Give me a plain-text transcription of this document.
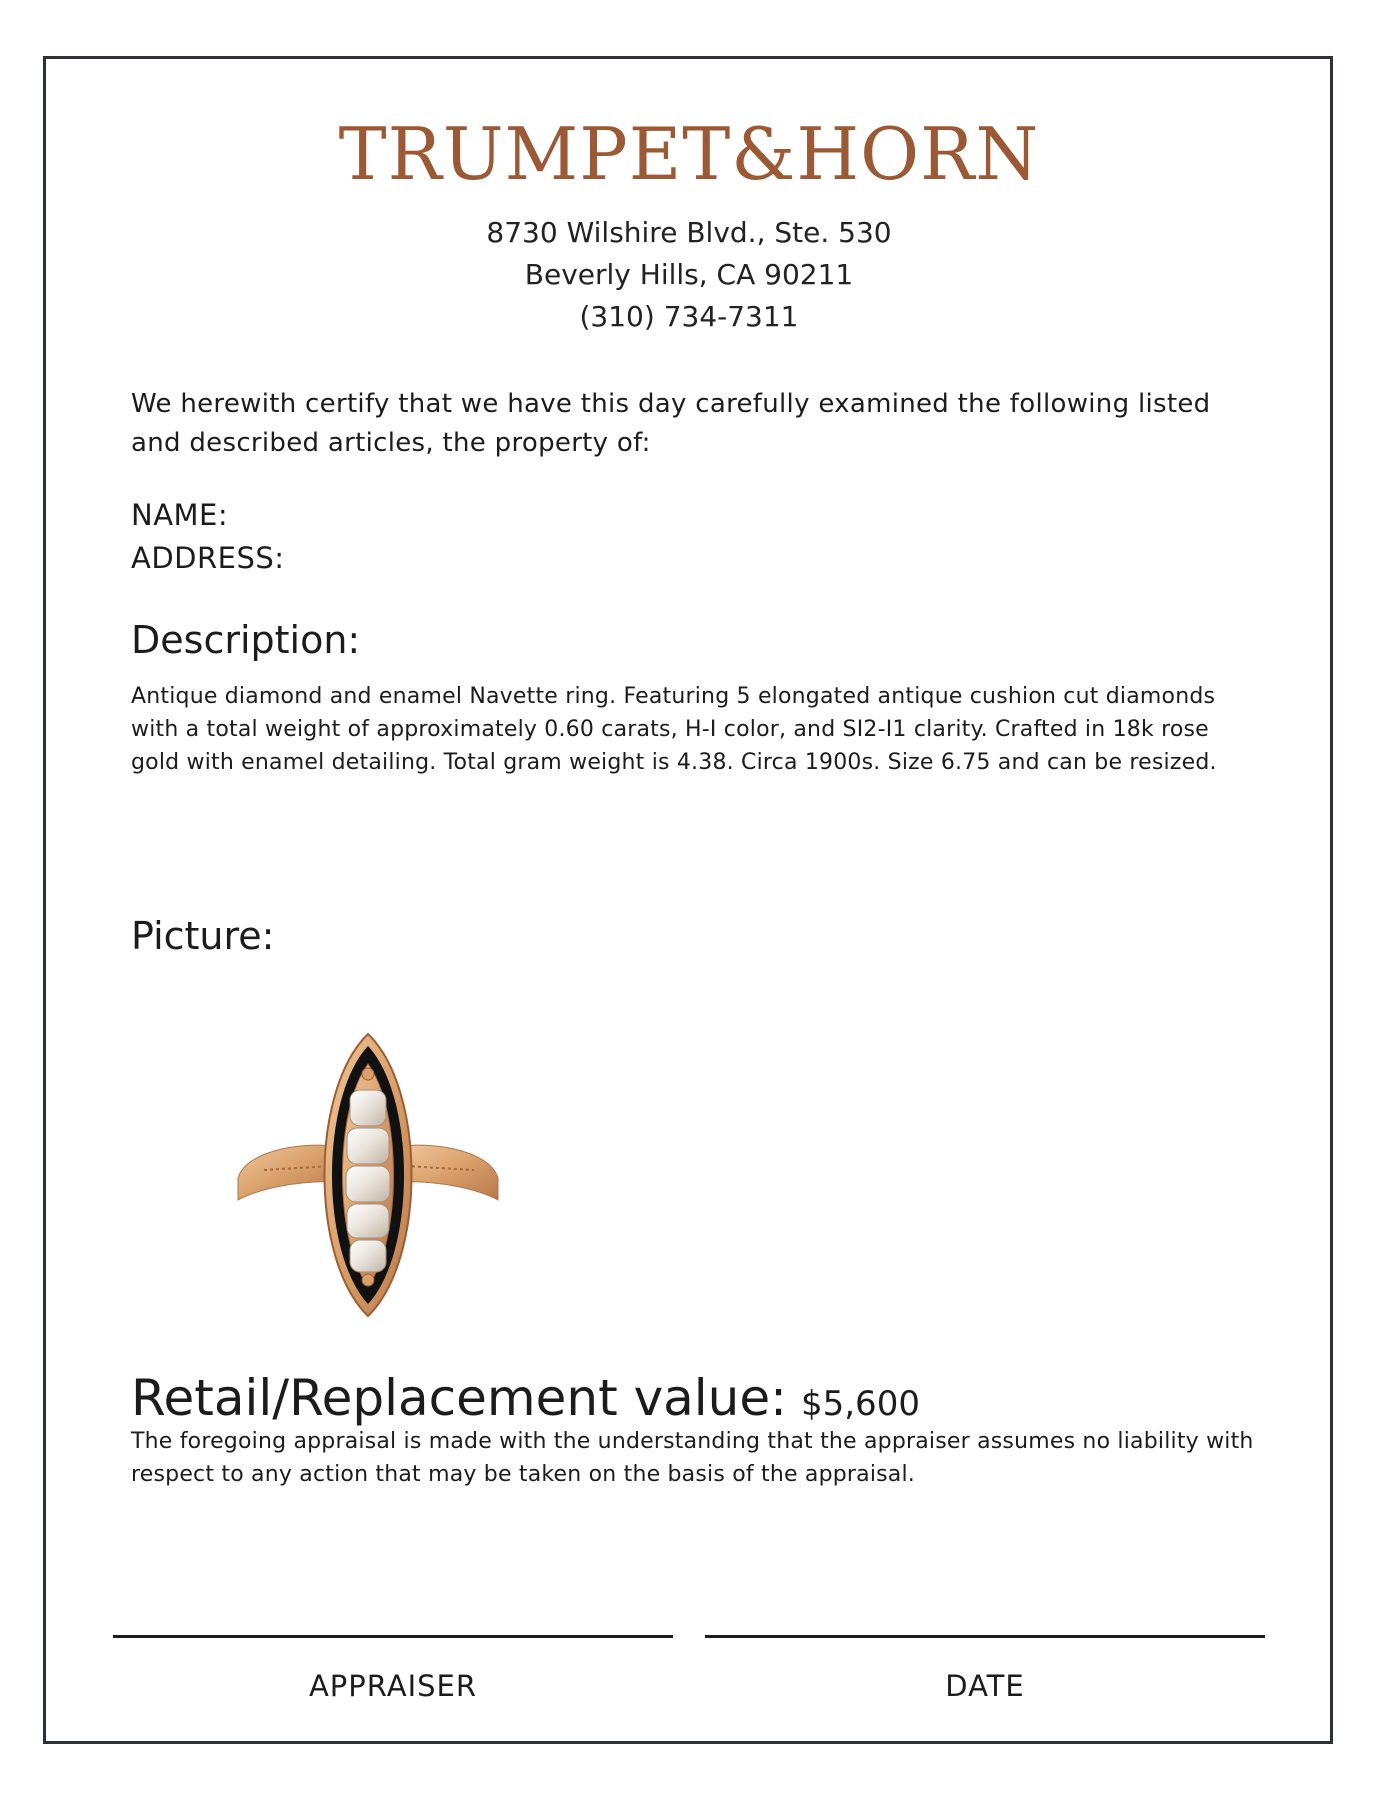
TRUMPET&HORN
8730 Wilshire Blvd., Ste. 530
Beverly Hills, CA 90211
(310) 734-7311
We herewith certify that we have this day carefully examined the following listed and described articles, the property of:
NAME:
ADDRESS:
Description:
Antique diamond and enamel Navette ring. Featuring 5 elongated antique cushion cut diamonds with a total weight of approximately 0.60 carats, H-I color, and SI2-I1 clarity. Crafted in 18k rose gold with enamel detailing. Total gram weight is 4.38. Circa 1900s. Size 6.75 and can be resized.
Picture:
Retail/Replacement value: $5,600
The foregoing appraisal is made with the understanding that the appraiser assumes no liability with respect to any action that may be taken on the basis of the appraisal.
APPRAISER	DATE
